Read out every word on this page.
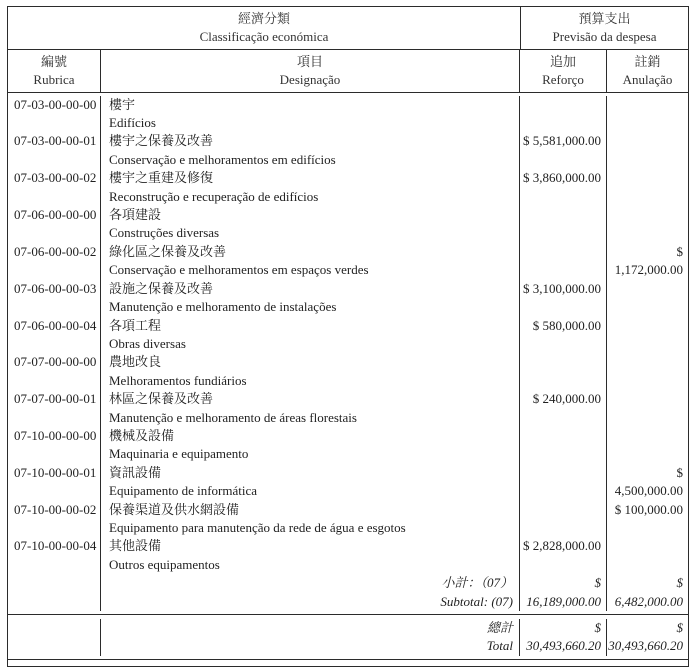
經濟分類
Classificação económica
預算支出
Previsão da despesa
編號
Rubrica
項目
Designação
追加
Reforço
註銷
Anulação
07-03-00-00-00 樓宇
Edifícios
07-03-00-00-01 樓宇之保養及改善
Conservação e melhoramentos em edifícios
$ 5,581,000.00
07-03-00-00-02 樓宇之重建及修復
Reconstrução e recuperação de edifícios
$ 3,860,000.00
07-06-00-00-00 各項建設
Construções diversas
07-06-00-00-02 綠化區之保養及改善
Conservação e melhoramentos em espaços verdes
$ 1,172,000.00
07-06-00-00-03 設施之保養及改善
Manutenção e melhoramento de instalações
$ 3,100,000.00
07-06-00-00-04 各項工程
Obras diversas
$ 580,000.00
07-07-00-00-00 農地改良
Melhoramentos fundiários
07-07-00-00-01 林區之保養及改善
Manutenção e melhoramento de áreas florestais
$ 240,000.00
07-10-00-00-00 機械及設備
Maquinaria e equipamento
07-10-00-00-01 資訊設備
Equipamento de informática
$ 4,500,000.00
07-10-00-00-02 保養渠道及供水網設備
Equipamento para manutenção da rede de água e esgotos
$ 100,000.00
07-10-00-00-04 其他設備
Outros equipamentos
$ 2,828,000.00
小計：（07）
Subtotal: (07)
$ 16,189,000.00
$ 6,482,000.00
總計
Total
$ 30,493,660.20
$ 30,493,660.20
